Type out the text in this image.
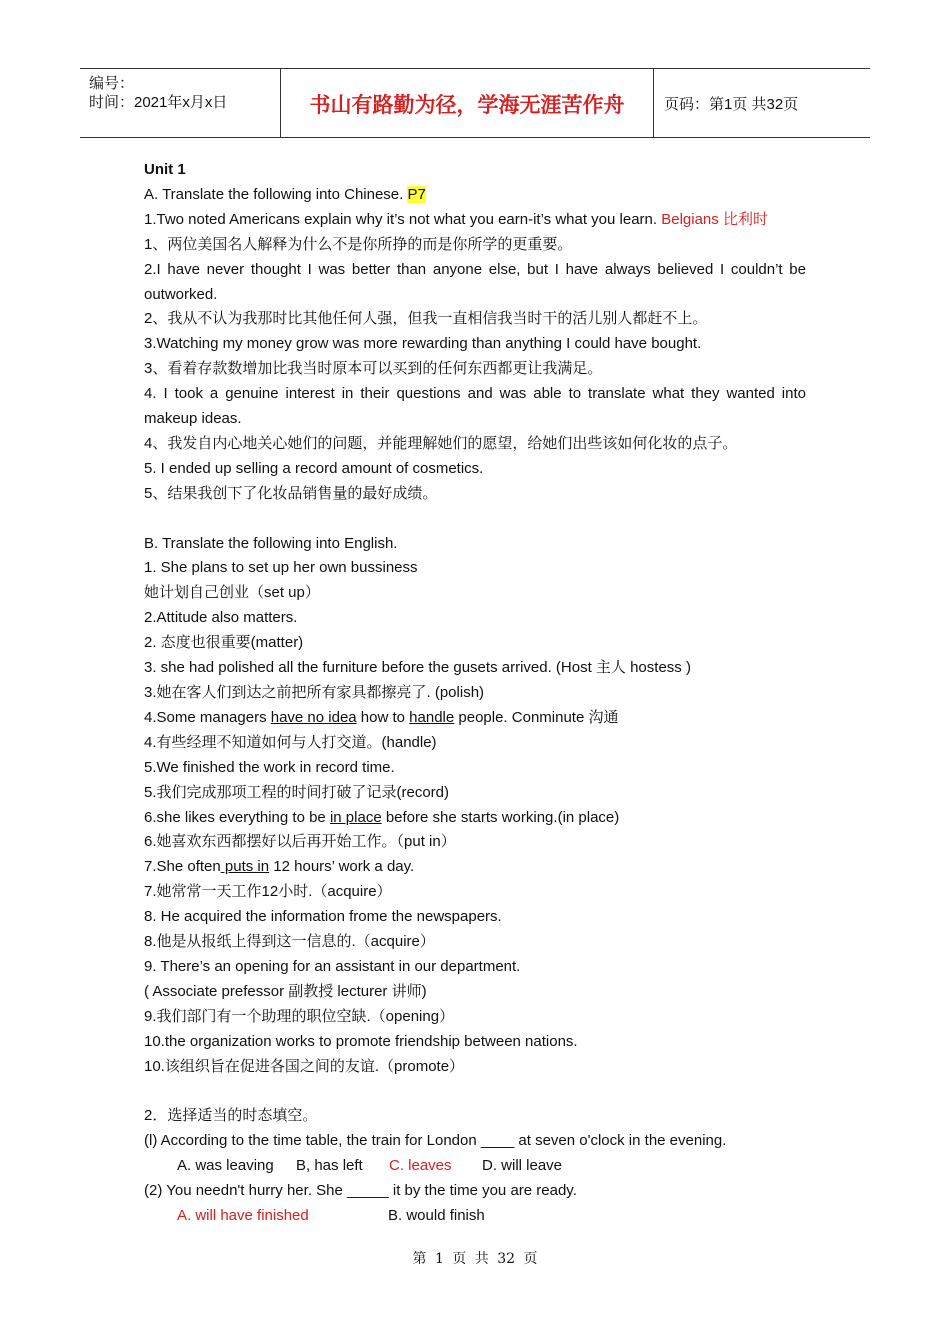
编号：
时间：2021年x月x日	书山有路勤为径，学海无涯苦作舟	页码：第1页 共32页
Unit 1
A. Translate the following into Chinese. P7
1.Two noted Americans explain why it’s not what you earn-it’s what you learn. Belgians 比利时
1、两位美国名人解释为什么不是你所挣的而是你所学的更重要。
2.I have never thought I was better than anyone else, but I have always believed I couldn’t be outworked.
2、我从不认为我那时比其他任何人强，但我一直相信我当时干的活儿别人都赶不上。
3.Watching my money grow was more rewarding than anything I could have bought.
3、看着存款数增加比我当时原本可以买到的任何东西都更让我满足。
4. I took a genuine interest in their questions and was able to translate what they wanted into makeup ideas.
4、我发自内心地关心她们的问题，并能理解她们的愿望，给她们出些该如何化妆的点子。
5. I ended up selling a record amount of cosmetics.
5、结果我创下了化妆品销售量的最好成绩。
B. Translate the following into English.
1. She plans to set up her own bussiness
她计划自己创业（set up）
2.Attitude also matters.
2. 态度也很重要(matter)
3. she had polished all the furniture before the gusets arrived. (Host 主人 hostess )
3.她在客人们到达之前把所有家具都擦亮了. (polish)
4.Some managers have no idea how to handle people. Conminute 沟通
4.有些经理不知道如何与人打交道。(handle)
5.We finished the work in record time.
5.我们完成那项工程的时间打破了记录(record)
6.she likes everything to be in place before she starts working.(in place)
6.她喜欢东西都摆好以后再开始工作。（put in）
7.She often puts in 12 hours’ work a day.
7.她常常一天工作12小时.（acquire）
8. He acquired the information frome the newspapers.
8.他是从报纸上得到这一信息的.（acquire）
9. There’s an opening for an assistant in our department.
( Associate prefessor 副教授 lecturer 讲师)
9.我们部门有一个助理的职位空缺.（opening）
10.the organization works to promote friendship between nations.
10.该组织旨在促进各国之间的友谊.（promote）
2．选择适当的时态填空。
(l) According to the time table, the train for London ____ at seven o'clock in the evening.
A. was leaving B, has left C. leaves D. will leave
(2) You needn't hurry her. She _____ it by the time you are ready.
A. will have finished	B. would finish
第 1 页 共 32 页
